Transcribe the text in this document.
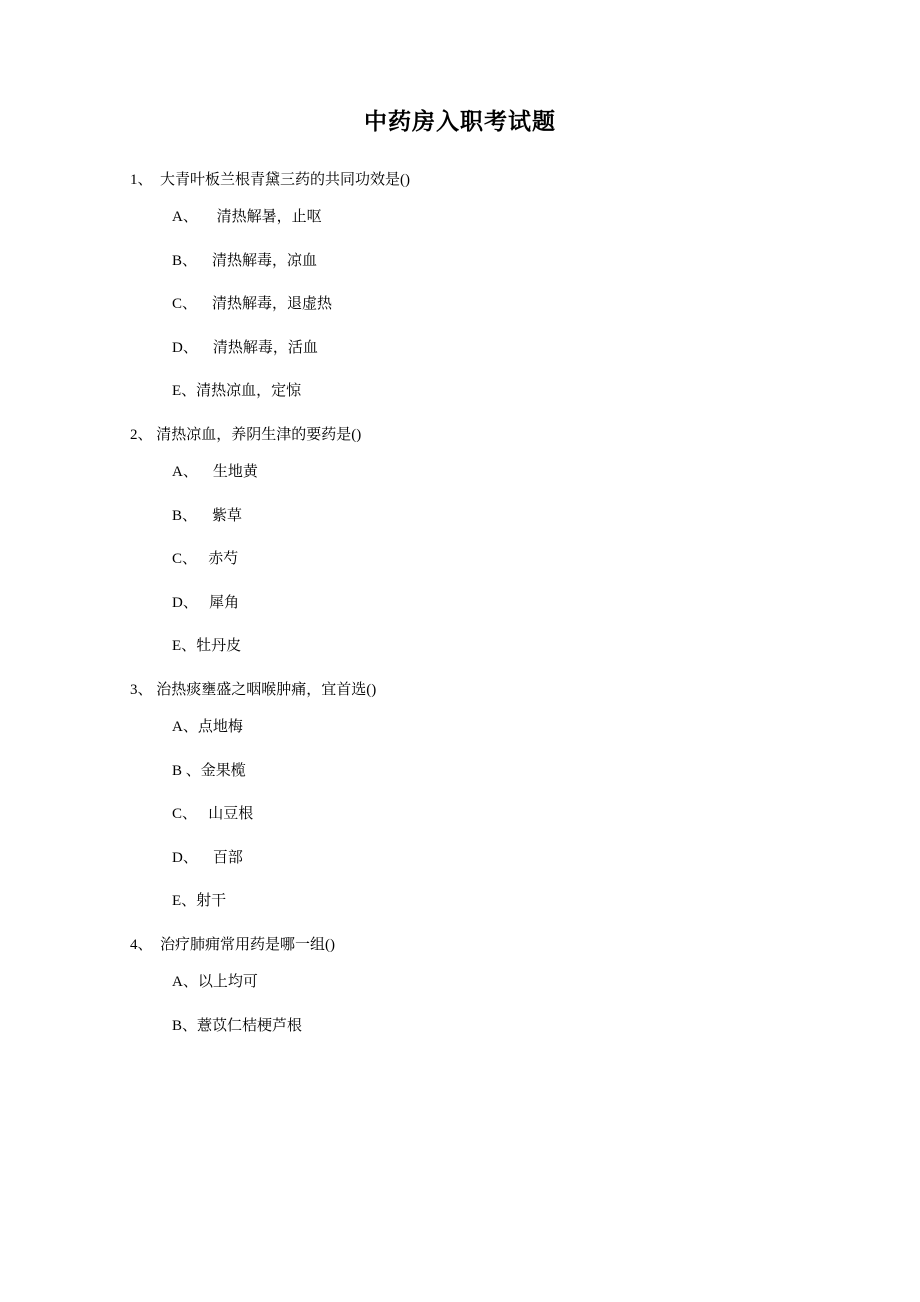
中药房入职考试题
1、  大青叶板兰根青黛三药的共同功效是()
A、     清热解暑，止呕
B、    清热解毒，凉血
C、    清热解毒，退虚热
D、    清热解毒，活血
E、清热凉血，定惊
2、 清热凉血，养阴生津的要药是()
A、    生地黄
B、    紫草
C、   赤芍
D、   犀角
E、牡丹皮
3、 治热痰壅盛之咽喉肿痛，宜首选()
A、点地梅
B 、金果榄
C、   山豆根
D、    百部
E、射干
4、  治疗肺痈常用药是哪一组()
A、以上均可
B、薏苡仁桔梗芦根
